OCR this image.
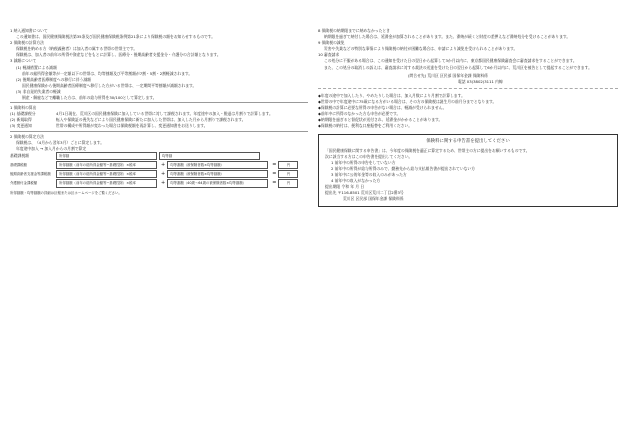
1 納入通知書について

この通知書は、国民健康保険税法第35条及び国民健康保険税条例第21条により保険税の額をお知らせするものです。

2 保険税の計算方法

保険税を納める方（納税義務者）は加入者の属する世帯の世帯主です。

保険税は、加入者の前年の所得や資産などをもとに計算し、医療分・後期高齢者支援金分・介護分の合計額となります。

3 減額について

(1) 軽減措置による減額

前年の総所得金額等が一定額以下の世帯は、均等割額及び平等割額が7割・5割・2割軽減されます。

(2) 後期高齢者医療制度への移行に伴う減額

国民健康保険から後期高齢者医療制度へ移行した方がいる世帯は、一定期間平等割額が減額されます。

(3) 非自発的失業者の軽減

倒産・解雇などで離職した方は、前年の給与所得を30/100として算定します。

1 保険料の算出

(1) 基礎課税分	4月1日現在、荒川区の国民健康保険に加入している世帯に対して課税されます。年度途中の加入・脱退は月割りで計算します。
(2) 新規取得	転入や保険証の喪失などにより国民健康保険に新たに加入した世帯は、加入した月から月割りで課税されます。
(3) 変更通知	世帯の構成や所得額が変わった場合は保険税額を再計算し、変更通知書をお送りします。

2 保険税の算定方法

保険税は、（4月から翌年3月）ごとに算定します。

年度途中加入 → 加入月からの月割で算定

基礎課税額	所得割	均等割
基礎課税額	所得割額（前年の総所得金額等−基礎控除）×税率	+	均等割額（被保険者数×均等割額）	=	円
後期高齢者支援金等課税額	所得割額（前年の総所得金額等−基礎控除）×税率	+	均等割額（被保険者数×均等割額）	=	円
介護納付金課税額	所得割額（前年の総所得金額等−基礎控除）×税率	+	均等割額（40歳〜64歳の被保険者数×均等割額）	=	円

所得割額・均等割額の詳細は区報または区ホームページをご覧ください。

8 保険税の納期限までに納めなかったとき

納期限を過ぎて納付した場合は、延滞金が加算されることがあります。また、滞納が続くと財産の差押えなど滞納処分を受けることがあります。

9 保険税の減免

災害や失業などの特別な事情により保険税の納付が困難な場合は、申請により減免を受けられることがあります。

10 審査請求

この処分に不服がある場合は、この通知を受けた日の翌日から起算して3か月以内に、東京都国民健康保険審査会に審査請求をすることができます。

また、この処分の取消しの訴えは、審査請求に対する裁決の送達を受けた日の翌日から起算して6か月以内に、荒川区を被告として提起することができます。

(問合せ先) 荒川区 区民部 国保年金課 保険料係

電話 03(3802)3111 内線

◆年度の途中で加入したり、やめたりした場合は、加入月数により月割で計算します。

◆世帯の中で年度途中に75歳になる方がいる場合は、その方の保険税は誕生月の前月分までとなります。

◆保険税の計算に必要な所得の申告がない場合は、軽減が受けられません。

◆前年中に所得のなかった方も申告が必要です。

◆納期限を過ぎると督促状が送付され、延滞金がかかることがあります。

◆保険税の納付は、便利な口座振替をご利用ください。

保険料に関する申告書を提出してください

「国民健康保険に関する申告書」は、今年度の保険税を適正に算定するため、世帯主の方に提出をお願いするものです。

次に該当する方はこの申告書を提出してください。

1 前年中の所得の申告をしていない方

2 前年中の所得が給与所得のみで、勤務先から給与支払報告書が提出されていない方

3 前年中に公的年金等の収入のみがあった方

4 前年中の収入がなかった方

提出期限 令和 年 月 日

提出先 〒116-8501 荒川区荒川二丁目2番3号

荒川区 区民部 国保年金課 保険料係
